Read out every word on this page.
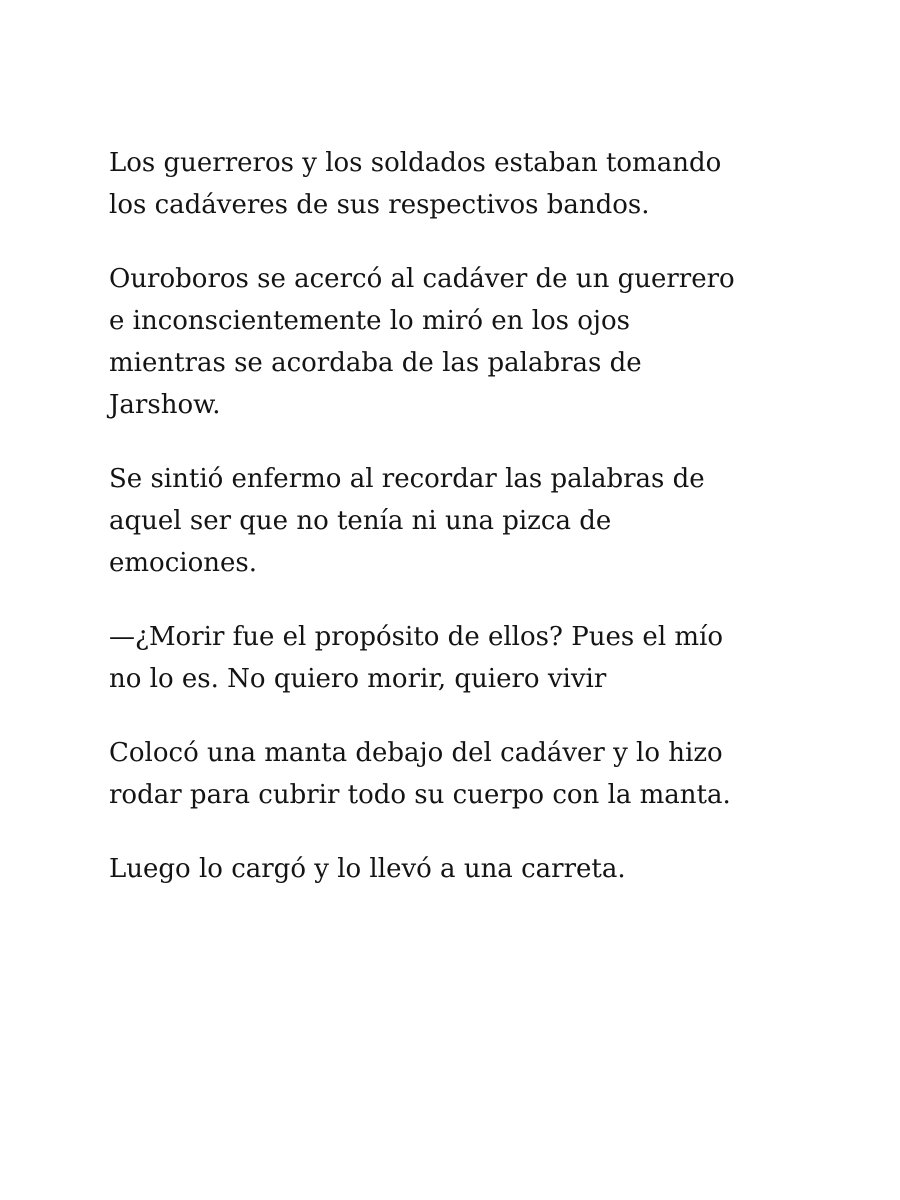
Los guerreros y los soldados estaban tomando
los cadáveres de sus respectivos bandos.

Ouroboros se acercó al cadáver de un guerrero
e inconscientemente lo miró en los ojos
mientras se acordaba de las palabras de
Jarshow.

Se sintió enfermo al recordar las palabras de
aquel ser que no tenía ni una pizca de
emociones.

—¿Morir fue el propósito de ellos? Pues el mío
no lo es. No quiero morir, quiero vivir

Colocó una manta debajo del cadáver y lo hizo
rodar para cubrir todo su cuerpo con la manta.

Luego lo cargó y lo llevó a una carreta.
